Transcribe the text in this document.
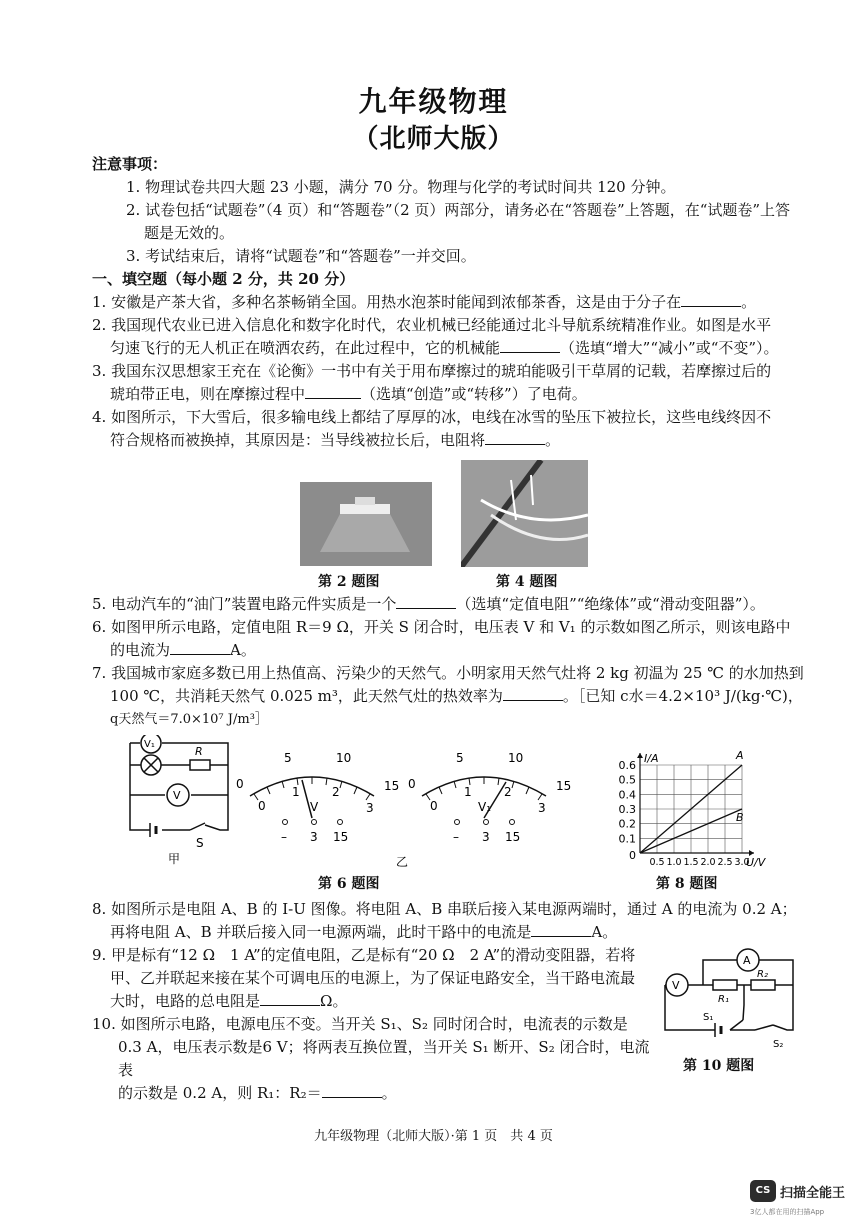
九年级物理
（北师大版）
注意事项：
1. 物理试卷共四大题 23 小题，满分 70 分。物理与化学的考试时间共 120 分钟。
2. 试卷包括“试题卷”（4 页）和“答题卷”（2 页）两部分，请务必在“答题卷”上答题，在“试题卷”上答
题是无效的。
3. 考试结束后，请将“试题卷”和“答题卷”一并交回。
一、填空题（每小题 2 分，共 20 分）
1. 安徽是产茶大省，多种名茶畅销全国。用热水泡茶时能闻到浓郁茶香，这是由于分子在	。
2. 我国现代农业已进入信息化和数字化时代，农业机械已经能通过北斗导航系统精准作业。如图是水平
匀速飞行的无人机正在喷洒农药，在此过程中，它的机械能	（选填“增大”“减小”或“不变”）。
3. 我国东汉思想家王充在《论衡》一书中有关于用布摩擦过的琥珀能吸引干草屑的记载，若摩擦过后的
琥珀带正电，则在摩擦过程中	（选填“创造”或“转移”）了电荷。
4. 如图所示，下大雪后，很多输电线上都结了厚厚的冰，电线在冰雪的坠压下被拉长，这些电线终因不
符合规格而被换掉，其原因是：当导线被拉长后，电阻将	。
第 2 题图	第 4 题图
5. 电动汽车的“油门”装置电路元件实质是一个	（选填“定值电阻”“绝缘体”或“滑动变阻器”）。
6. 如图甲所示电路，定值电阻 R＝9 Ω，开关 S 闭合时，电压表 V 和 V₁ 的示数如图乙所示，则该电路中
的电流为	A。
7. 我国城市家庭多数已用上热值高、污染少的天然气。小明家用天然气灶将 2 kg 初温为 25 ℃ 的水加热到
100 ℃，共消耗天然气 0.025 m³，此天然气灶的热效率为	。［已知 c水＝4.2×10³ J/(kg·℃)，
q天然气＝7.0×10⁷ J/m³］
V₁
R
V
S
甲
0
5	10
15
0
1	2
3
V
– 3 15
0
5	10
15
0
1	2
3
V₁
– 3 15
乙
A
B
0.1
0.2
0.3
0.4
0.5
0.6
0.5 1.0 1.5 2.0 2.5 3.0
0
U/V
I/A
第 6 题图	第 8 题图
8. 如图所示是电阻 A、B 的 I-U 图像。将电阻 A、B 串联后接入某电源两端时，通过 A 的电流为 0.2 A；
再将电阻 A、B 并联后接入同一电源两端，此时干路中的电流是	A。
9. 甲是标有“12 Ω　1 A”的定值电阻，乙是标有“20 Ω　2 A”的滑动变阻器，若将
甲、乙并联起来接在某个可调电压的电源上，为了保证电路安全，当干路电流最
大时，电路的总电阻是	Ω。
10. 如图所示电路，电源电压不变。当开关 S₁、S₂ 同时闭合时，电流表的示数是
0.3 A，电压表示数是6 V；将两表互换位置，当开关 S₁ 断开、S₂ 闭合时，电流表
的示数是 0.2 A，则 R₁：R₂＝	。
V
A
R₁
R₂
S₁
S₂
第 10 题图
九年级物理（北师大版）·第 1 页　共 4 页
CS 扫描全能王
3亿人都在用的扫描App
